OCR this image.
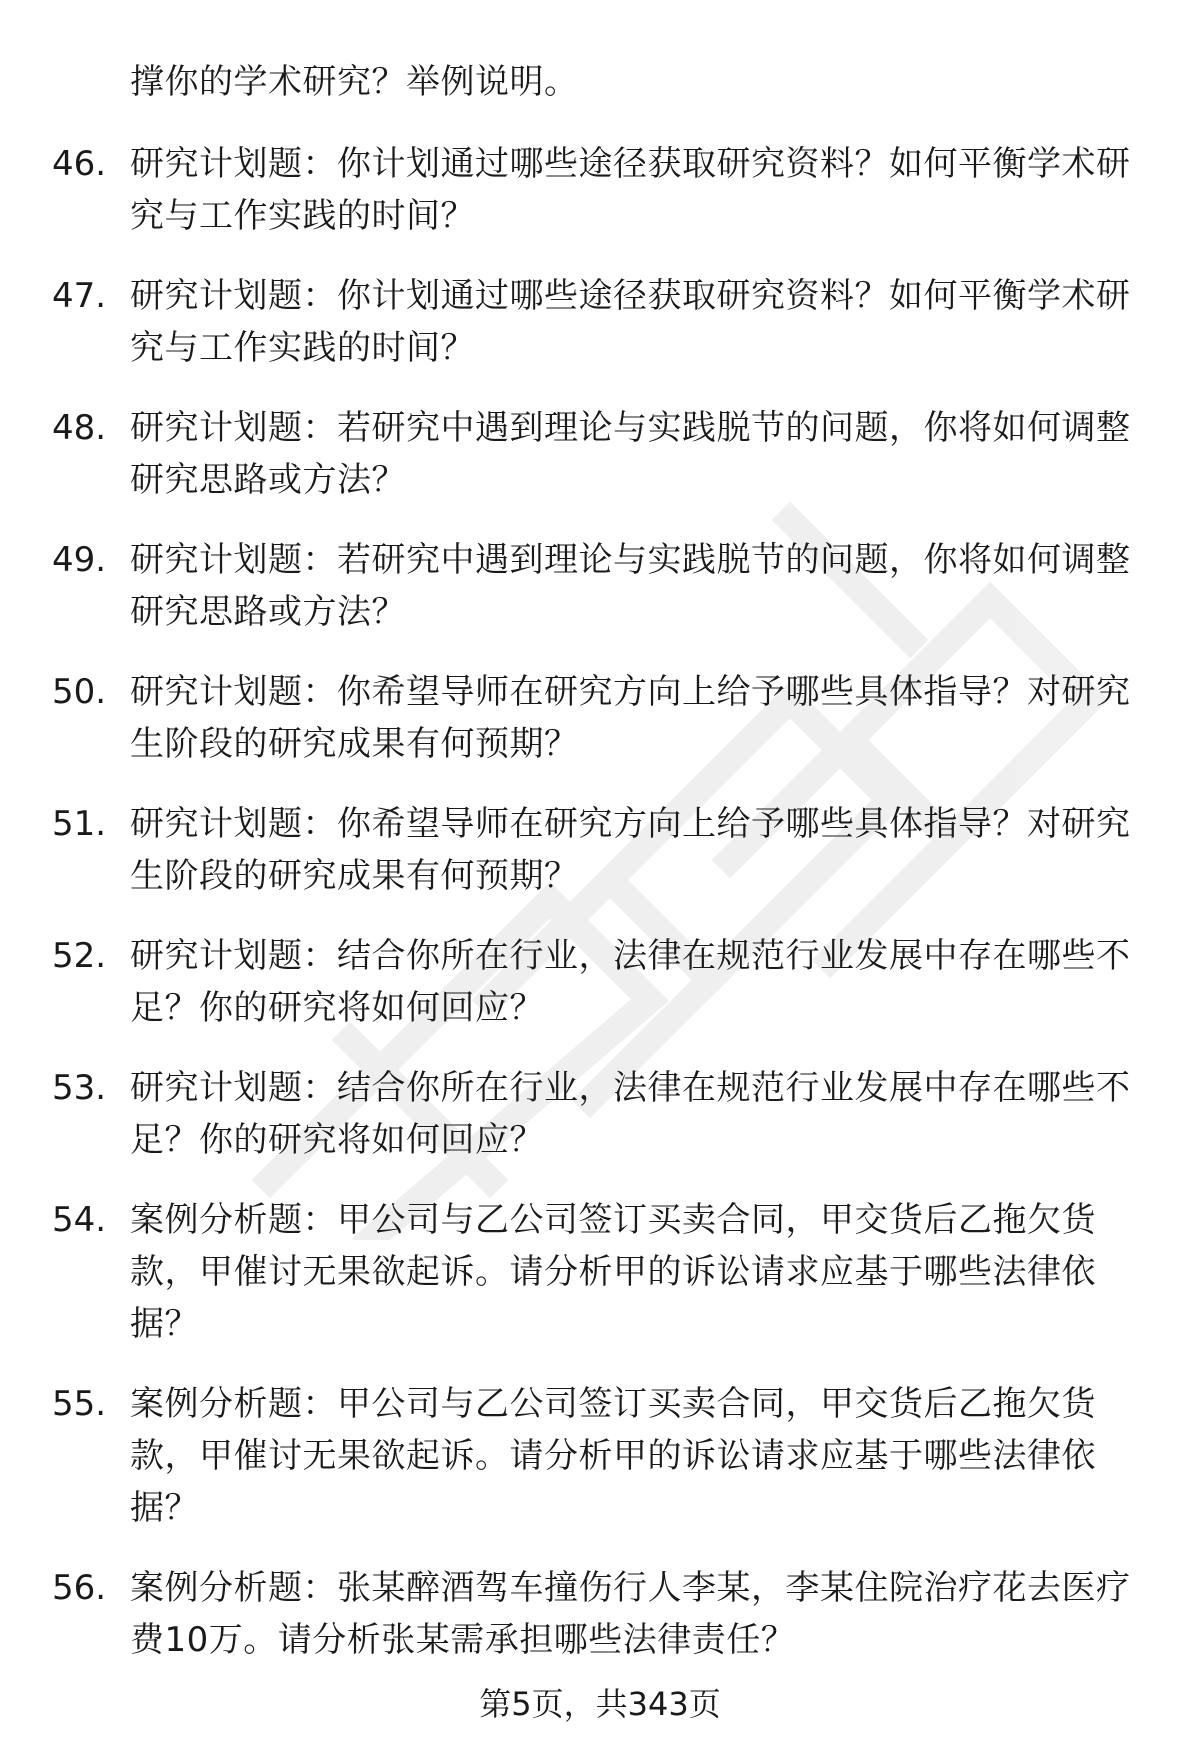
撑你的学术研究？举例说明。
46. 研究计划题：你计划通过哪些途径获取研究资料？如何平衡学术研究与工作实践的时间？
47. 研究计划题：你计划通过哪些途径获取研究资料？如何平衡学术研究与工作实践的时间？
48. 研究计划题：若研究中遇到理论与实践脱节的问题，你将如何调整研究思路或方法？
49. 研究计划题：若研究中遇到理论与实践脱节的问题，你将如何调整研究思路或方法？
50. 研究计划题：你希望导师在研究方向上给予哪些具体指导？对研究生阶段的研究成果有何预期？
51. 研究计划题：你希望导师在研究方向上给予哪些具体指导？对研究生阶段的研究成果有何预期？
52. 研究计划题：结合你所在行业，法律在规范行业发展中存在哪些不足？你的研究将如何回应？
53. 研究计划题：结合你所在行业，法律在规范行业发展中存在哪些不足？你的研究将如何回应？
54. 案例分析题：甲公司与乙公司签订买卖合同，甲交货后乙拖欠货款，甲催讨无果欲起诉。请分析甲的诉讼请求应基于哪些法律依据？
55. 案例分析题：甲公司与乙公司签订买卖合同，甲交货后乙拖欠货款，甲催讨无果欲起诉。请分析甲的诉讼请求应基于哪些法律依据？
56. 案例分析题：张某醉酒驾车撞伤行人李某，李某住院治疗花去医疗费10万。请分析张某需承担哪些法律责任？
第5页，共343页
